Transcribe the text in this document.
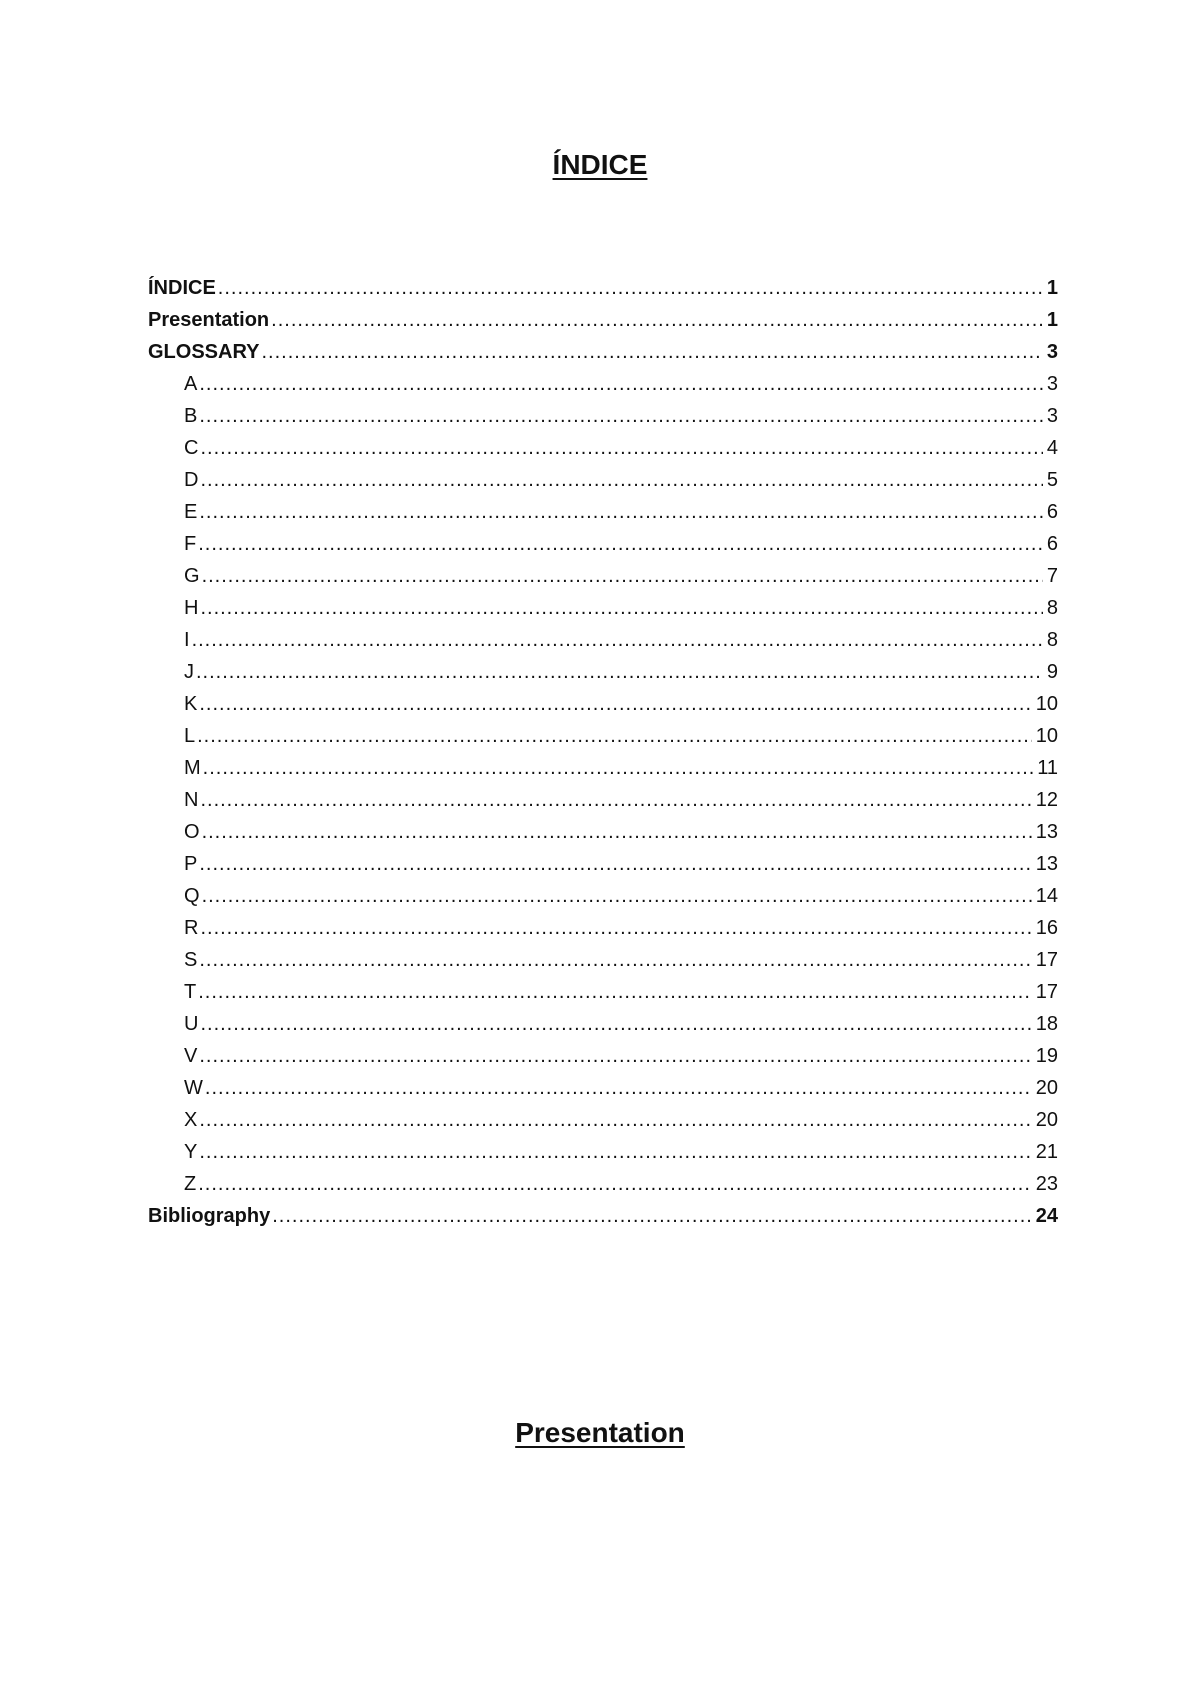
ÍNDICE
ÍNDICE .....	1
Presentation .....	1
GLOSSARY .....	3
A .....	3
B .....	3
C .....	4
D .....	5
E .....	6
F .....	6
G .....	7
H .....	8
I .....	8
J .....	9
K .....	10
L .....	10
M .....	11
N .....	12
O .....	13
P .....	13
Q .....	14
R .....	16
S .....	17
T .....	17
U .....	18
V .....	19
W .....	20
X .....	20
Y .....	21
Z .....	23
Bibliography .....	24
Presentation
